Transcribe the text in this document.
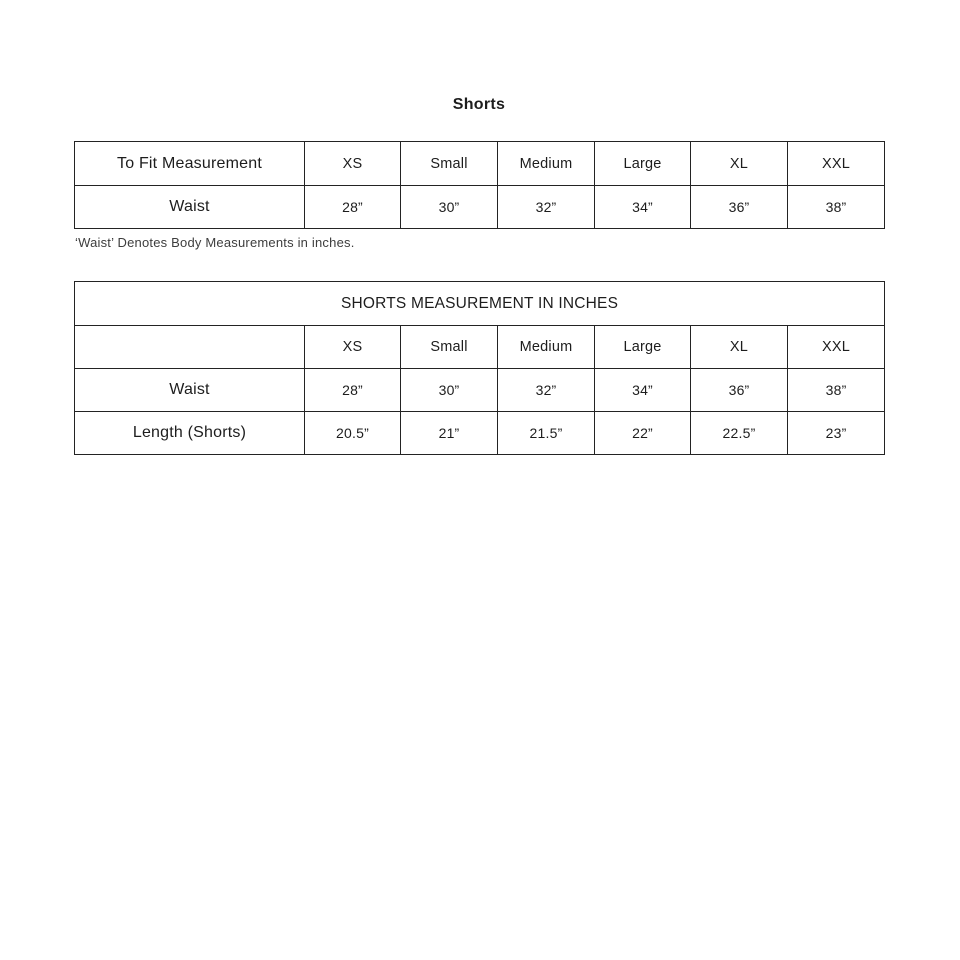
Shorts
To Fit Measurement	XS	Small	Medium	Large	XL	XXL
Waist	28”	30”	32”	34”	36”	38”

‘Waist’ Denotes Body Measurements in inches.

SHORTS MEASUREMENT IN INCHES						
	XS	Small	Medium	Large	XL	XXL
Waist	28”	30”	32”	34”	36”	38”
Length (Shorts)	20.5”	21”	21.5”	22”	22.5”	23”
